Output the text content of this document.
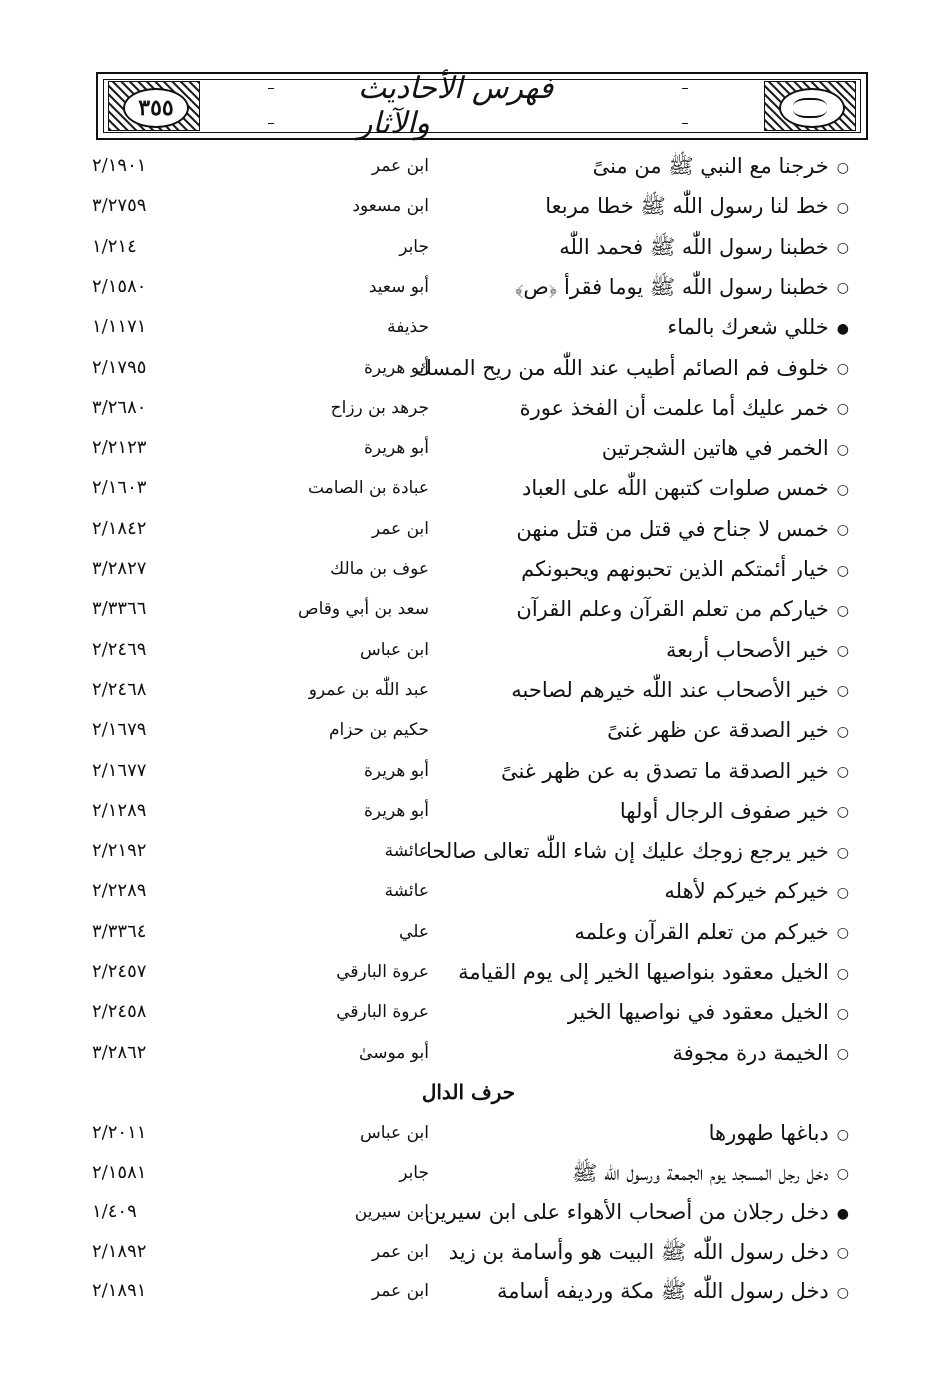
٣٥٥
فهرس الأحاديث والآثار
○خرجنا مع النبي ﷺ من منىً
ابن عمر
٢/١٩٠١
○خط لنا رسول اللّٰه ﷺ خطا مربعا
ابن مسعود
٣/٢٧٥٩
○خطبنا رسول اللّٰه ﷺ فحمد اللّٰه
جابر
١/٢١٤
○خطبنا رسول اللّٰه ﷺ يوما فقرأ ﴿ص﴾
أبو سعيد
٢/١٥٨٠
●خللي شعرك بالماء
حذيفة
١/١١٧١
○خلوف فم الصائم أطيب عند اللّٰه من ريح المسك
أبو هريرة
٢/١٧٩٥
○خمر عليك أما علمت أن الفخذ عورة
جرهد بن رزاح
٣/٢٦٨٠
○الخمر في هاتين الشجرتين
أبو هريرة
٢/٢١٢٣
○خمس صلوات كتبهن اللّٰه على العباد
عبادة بن الصامت
٢/١٦٠٣
○خمس لا جناح في قتل من قتل منهن
ابن عمر
٢/١٨٤٢
○خيار أئمتكم الذين تحبونهم ويحبونكم
عوف بن مالك
٣/٢٨٢٧
○خياركم من تعلم القرآن وعلم القرآن
سعد بن أبي وقاص
٣/٣٣٦٦
○خير الأصحاب أربعة
ابن عباس
٢/٢٤٦٩
○خير الأصحاب عند اللّٰه خيرهم لصاحبه
عبد اللّٰه بن عمرو
٢/٢٤٦٨
○خير الصدقة عن ظهر غنىً
حكيم بن حزام
٢/١٦٧٩
○خير الصدقة ما تصدق به عن ظهر غنىً
أبو هريرة
٢/١٦٧٧
○خير صفوف الرجال أولها
أبو هريرة
٢/١٢٨٩
○خير يرجع زوجك عليك إن شاء اللّٰه تعالى صالحا
عائشة
٢/٢١٩٢
○خيركم خيركم لأهله
عائشة
٢/٢٢٨٩
○خيركم من تعلم القرآن وعلمه
علي
٣/٣٣٦٤
○الخيل معقود بنواصيها الخير إلى يوم القيامة
عروة البارقي
٢/٢٤٥٧
○الخيل معقود في نواصيها الخير
عروة البارقي
٢/٢٤٥٨
○الخيمة درة مجوفة
أبو موسىٰ
٣/٢٨٦٢
حرف الدال
○دباغها طهورها
ابن عباس
٢/٢٠١١
○دخل رجل المسجد يوم الجمعة ورسول اللّٰه ﷺ
جابر
٢/١٥٨١
●دخل رجلان من أصحاب الأهواء على ابن سيرين
ابن سيرين
١/٤٠٩
○دخل رسول اللّٰه ﷺ البيت هو وأسامة بن زيد
ابن عمر
٢/١٨٩٢
○دخل رسول اللّٰه ﷺ مكة ورديفه أسامة
ابن عمر
٢/١٨٩١
